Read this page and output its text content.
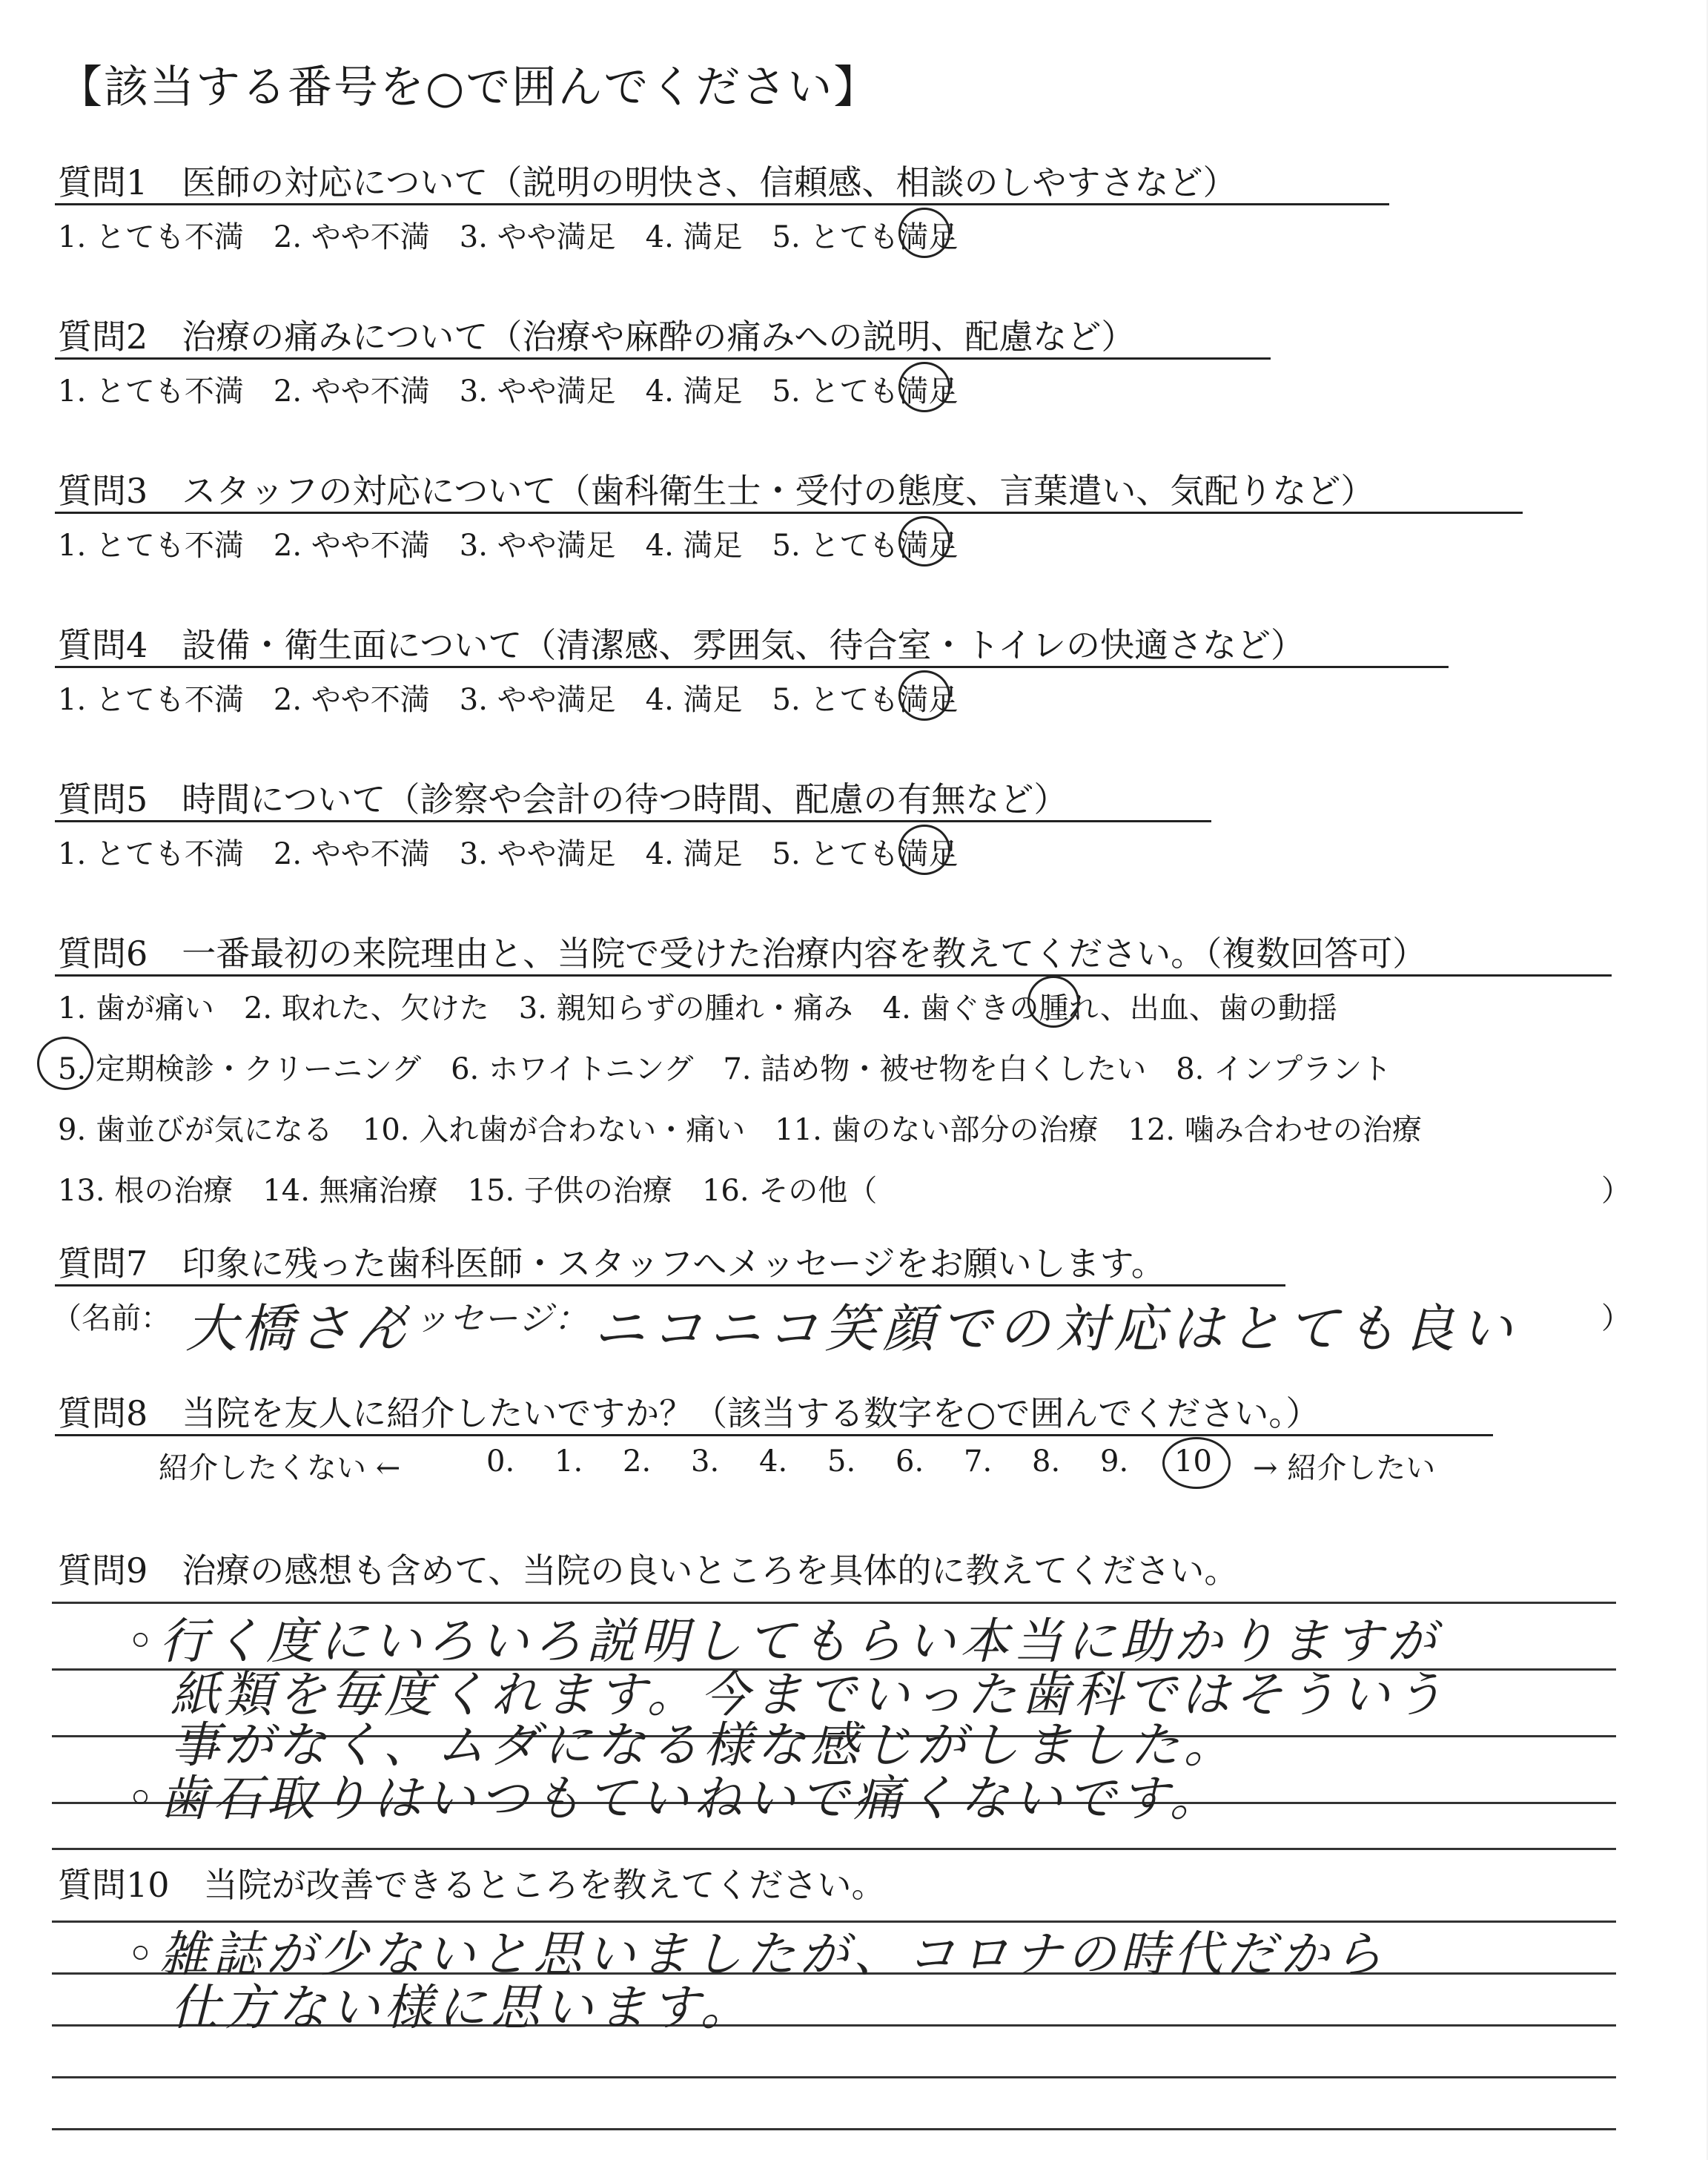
【該当する番号を○で囲んでください】
質問1　医師の対応について（説明の明快さ、信頼感、相談のしやすさなど）
1. とても不満　2. やや不満　3. やや満足　4. 満足　5. とても満足
質問2　治療の痛みについて（治療や麻酔の痛みへの説明、配慮など）
1. とても不満　2. やや不満　3. やや満足　4. 満足　5. とても満足
質問3　スタッフの対応について（歯科衛生士・受付の態度、言葉遣い、気配りなど）
1. とても不満　2. やや不満　3. やや満足　4. 満足　5. とても満足
質問4　設備・衛生面について（清潔感、雰囲気、待合室・トイレの快適さなど）
1. とても不満　2. やや不満　3. やや満足　4. 満足　5. とても満足
質問5　時間について（診察や会計の待つ時間、配慮の有無など）
1. とても不満　2. やや不満　3. やや満足　4. 満足　5. とても満足
質問6　一番最初の来院理由と、当院で受けた治療内容を教えてください。（複数回答可）
1. 歯が痛い　2. 取れた、欠けた　3. 親知らずの腫れ・痛み　4. 歯ぐきの腫れ、出血、歯の動揺
5. 定期検診・クリーニング　6. ホワイトニング　7. 詰め物・被せ物を白くしたい　8. インプラント
9. 歯並びが気になる　10. 入れ歯が合わない・痛い　11. 歯のない部分の治療　12. 噛み合わせの治療
13. 根の治療　14. 無痛治療　15. 子供の治療　16. その他（	）
質問7　印象に残った歯科医師・スタッフへメッセージをお願いします。
（名前： 大橋さん
メッセージ： ニコニコ笑顔での対応はとても良い	）
質問8　当院を友人に紹介したいですか？（該当する数字を○で囲んでください。）
紹介したくない ←	0. 1. 2. 3. 4. 5. 6. 7. 8. 9. 10 → 紹介したい
質問9　治療の感想も含めて、当院の良いところを具体的に教えてください。
◦行く度にいろいろ説明してもらい本当に助かりますが
紙類を毎度くれます。今までいった歯科ではそういう
事がなく、ムダになる様な感じがしました。
◦歯石取りはいつもていねいで痛くないです。
質問10　当院が改善できるところを教えてください。
◦雑誌が少ないと思いましたが、コロナの時代だから
仕方ない様に思います。
